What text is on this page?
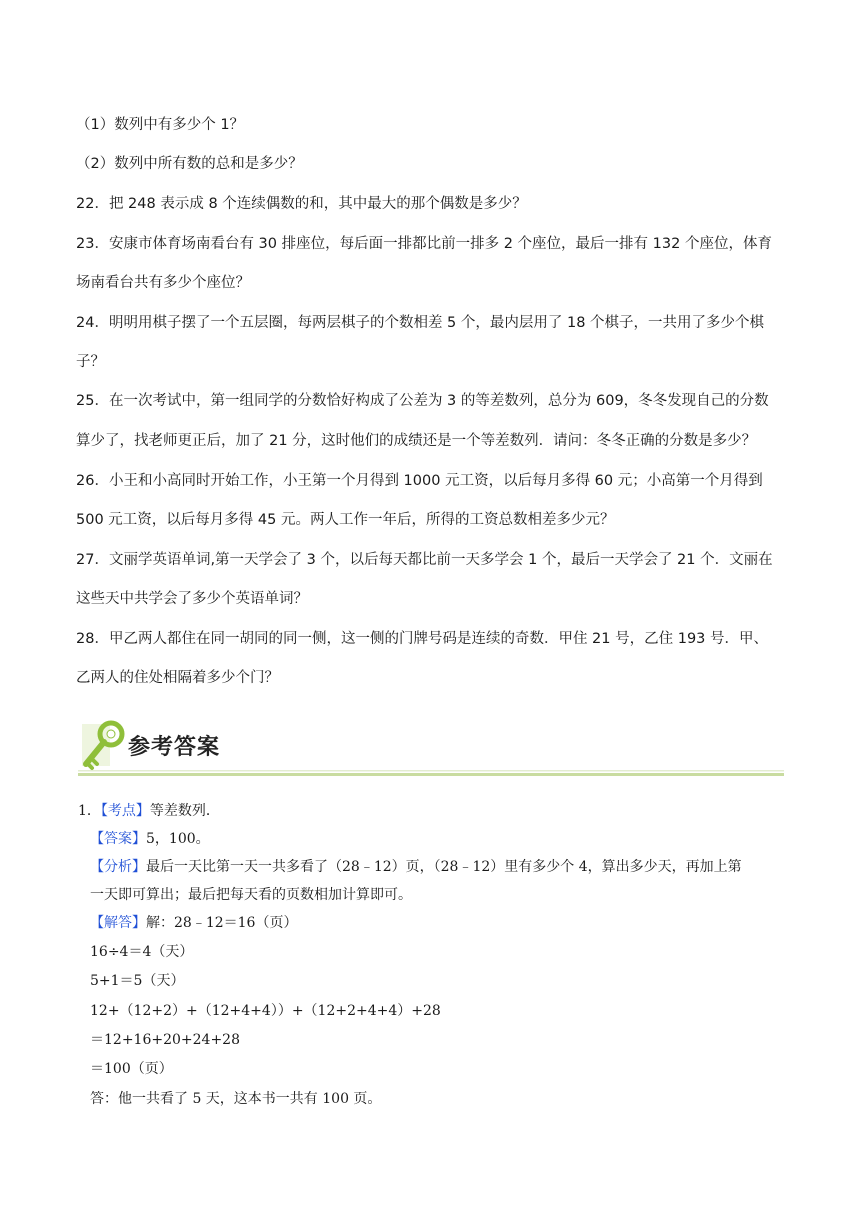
（1）数列中有多少个 1？
（2）数列中所有数的总和是多少？
22．把 248 表示成 8 个连续偶数的和，其中最大的那个偶数是多少？
23．安康市体育场南看台有 30 排座位，每后面一排都比前一排多 2 个座位，最后一排有 132 个座位，体育
场南看台共有多少个座位？
24．明明用棋子摆了一个五层圈，每两层棋子的个数相差 5 个，最内层用了 18 个棋子，一共用了多少个棋
子？
25．在一次考试中，第一组同学的分数恰好构成了公差为 3 的等差数列，总分为 609，冬冬发现自己的分数
算少了，找老师更正后，加了 21 分，这时他们的成绩还是一个等差数列．请问：冬冬正确的分数是多少？
26．小王和小高同时开始工作，小王第一个月得到 1000 元工资，以后每月多得 60 元；小高第一个月得到
500 元工资，以后每月多得 45 元。两人工作一年后，所得的工资总数相差多少元？
27．文丽学英语单词,第一天学会了 3 个，以后每天都比前一天多学会 1 个，最后一天学会了 21 个．文丽在
这些天中共学会了多少个英语单词？
28．甲乙两人都住在同一胡同的同一侧，这一侧的门牌号码是连续的奇数．甲住 21 号，乙住 193 号．甲、
乙两人的住处相隔着多少个门？
参考答案
1．【考点】等差数列．
【答案】5，100。
【分析】最后一天比第一天一共多看了（28﹣12）页，（28﹣12）里有多少个 4，算出多少天，再加上第
一天即可算出；最后把每天看的页数相加计算即可。
【解答】解：28﹣12＝16（页）
16÷4＝4（天）
5+1＝5（天）
12+（12+2）+（12+4+4））+（12+2+4+4）+28
＝12+16+20+24+28
＝100（页）
答：他一共看了 5 天，这本书一共有 100 页。
